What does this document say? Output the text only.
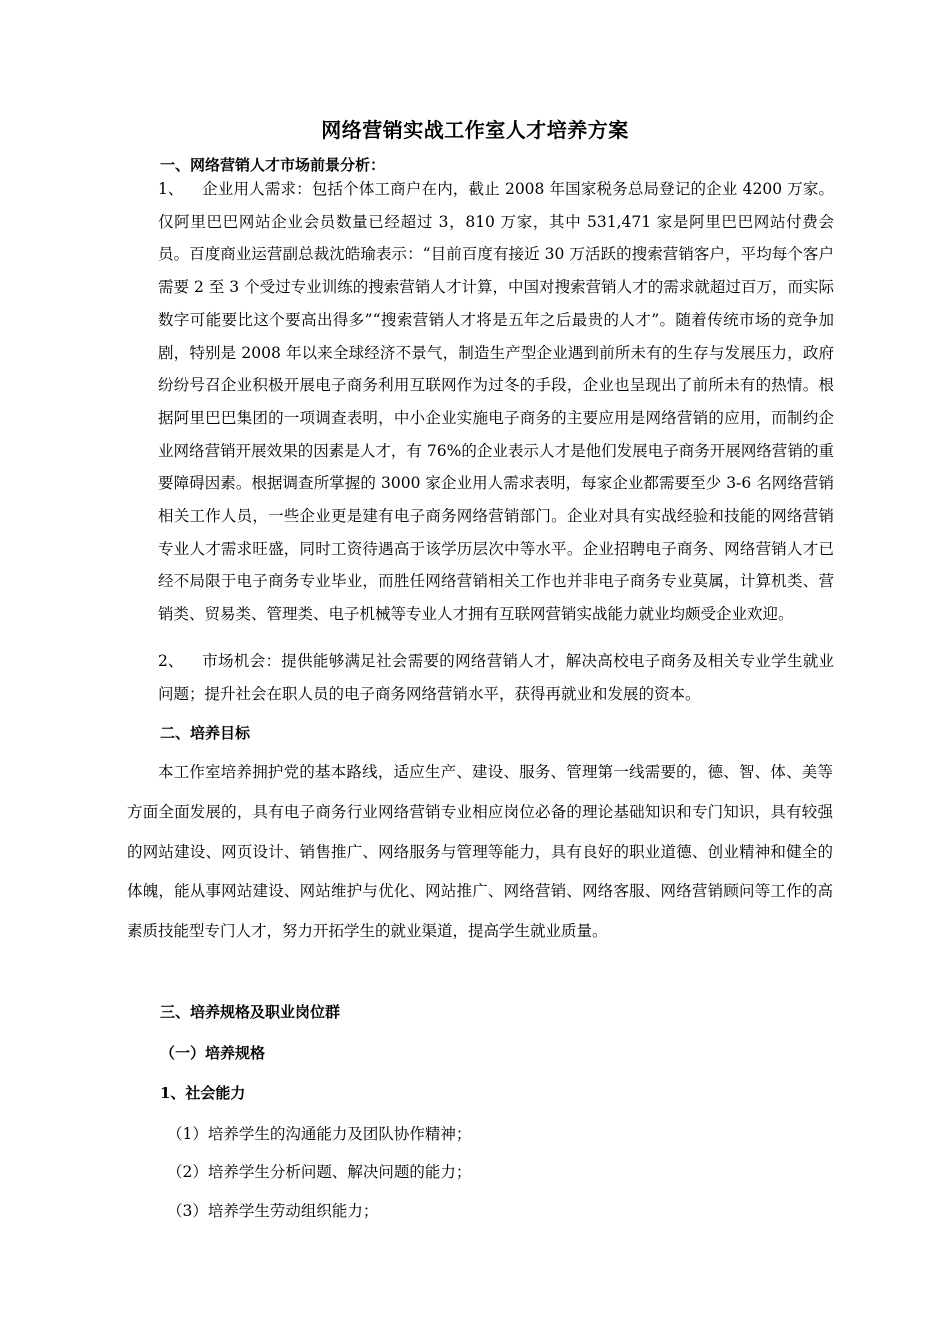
网络营销实战工作室人才培养方案
一、网络营销人才市场前景分析：
1、 企业用人需求：包括个体工商户在内，截止 2008 年国家税务总局登记的企业 4200 万家。仅阿里巴巴网站企业会员数量已经超过 3，810 万家，其中 531,471 家是阿里巴巴网站付费会员。百度商业运营副总裁沈皓瑜表示：“目前百度有接近 30 万活跃的搜索营销客户，平均每个客户需要 2 至 3 个受过专业训练的搜索营销人才计算，中国对搜索营销人才的需求就超过百万，而实际数字可能要比这个要高出得多”“搜索营销人才将是五年之后最贵的人才”。随着传统市场的竞争加剧，特别是 2008 年以来全球经济不景气，制造生产型企业遇到前所未有的生存与发展压力，政府纷纷号召企业积极开展电子商务利用互联网作为过冬的手段，企业也呈现出了前所未有的热情。根据阿里巴巴集团的一项调查表明，中小企业实施电子商务的主要应用是网络营销的应用，而制约企业网络营销开展效果的因素是人才，有 76%的企业表示人才是他们发展电子商务开展网络营销的重要障碍因素。根据调查所掌握的 3000 家企业用人需求表明，每家企业都需要至少 3-6 名网络营销相关工作人员，一些企业更是建有电子商务网络营销部门。企业对具有实战经验和技能的网络营销专业人才需求旺盛，同时工资待遇高于该学历层次中等水平。企业招聘电子商务、网络营销人才已经不局限于电子商务专业毕业，而胜任网络营销相关工作也并非电子商务专业莫属，计算机类、营销类、贸易类、管理类、电子机械等专业人才拥有互联网营销实战能力就业均颇受企业欢迎。
2、 市场机会：提供能够满足社会需要的网络营销人才，解决高校电子商务及相关专业学生就业问题；提升社会在职人员的电子商务网络营销水平，获得再就业和发展的资本。
二、培养目标
本工作室培养拥护党的基本路线，适应生产、建设、服务、管理第一线需要的，德、智、体、美等方面全面发展的，具有电子商务行业网络营销专业相应岗位必备的理论基础知识和专门知识，具有较强的网站建设、网页设计、销售推广、网络服务与管理等能力，具有良好的职业道德、创业精神和健全的体魄，能从事网站建设、网站维护与优化、网站推广、网络营销、网络客服、网络营销顾问等工作的高素质技能型专门人才，努力开拓学生的就业渠道，提高学生就业质量。
三、培养规格及职业岗位群
（一）培养规格
1、社会能力
（1）培养学生的沟通能力及团队协作精神；
（2）培养学生分析问题、解决问题的能力；
（3）培养学生劳动组织能力；
